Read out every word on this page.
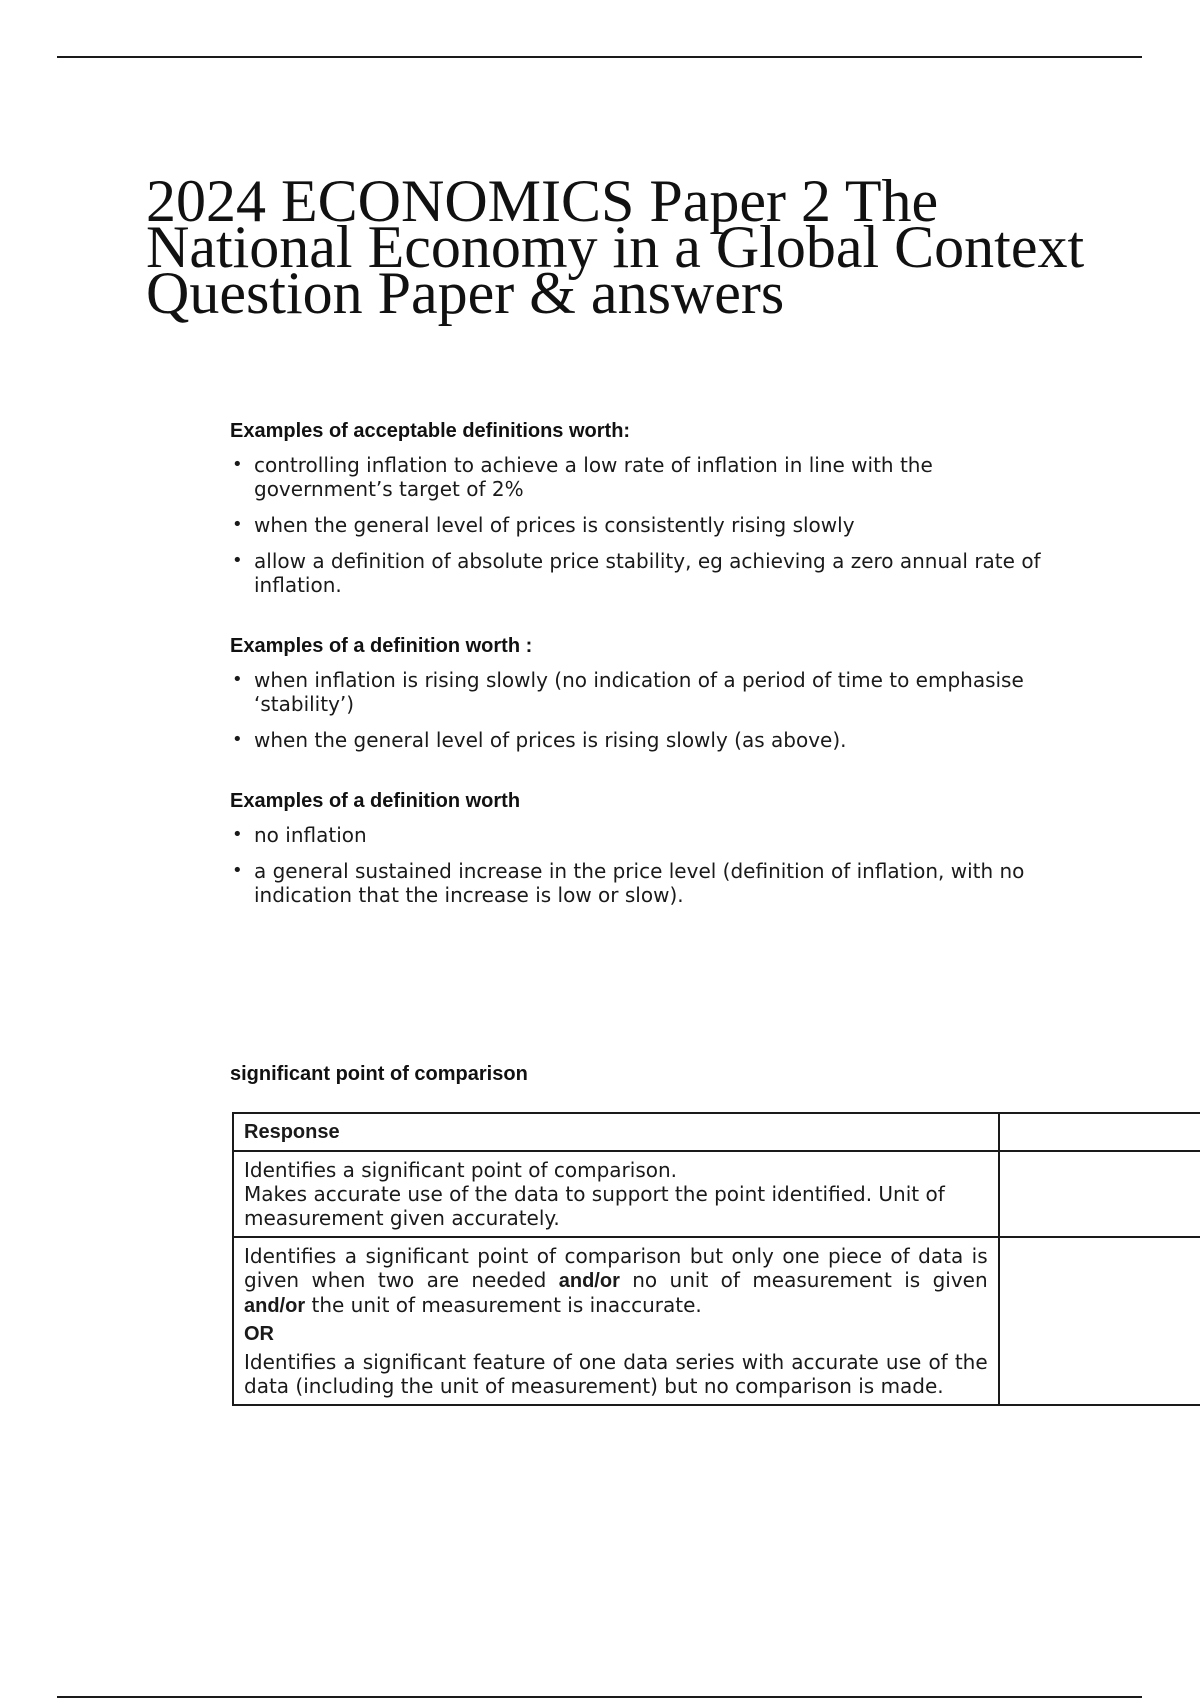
2024 ECONOMICS Paper 2 The National Economy in a Global Context Question Paper & answers

Examples of acceptable definitions worth:

• controlling inflation to achieve a low rate of inflation in line with the government’s target of 2%
• when the general level of prices is consistently rising slowly
• allow a definition of absolute price stability, eg achieving a zero annual rate of inflation.

Examples of a definition worth :

• when inflation is rising slowly (no indication of a period of time to emphasise ‘stability’)
• when the general level of prices is rising slowly (as above).

Examples of a definition worth

• no inflation
• a general sustained increase in the price level (definition of inflation, with no indication that the increase is low or slow).
significant point of comparison
Response	

Identifies a significant point of comparison.
Makes accurate use of the data to support the point identified. Unit of measurement given accurately.	

Identifies a significant point of comparison but only one piece of data is given when two are needed and/or no unit of measurement is given and/or the unit of measurement is inaccurate.
OR
Identifies a significant feature of one data series with accurate use of the data (including the unit of measurement) but no comparison is made.	
